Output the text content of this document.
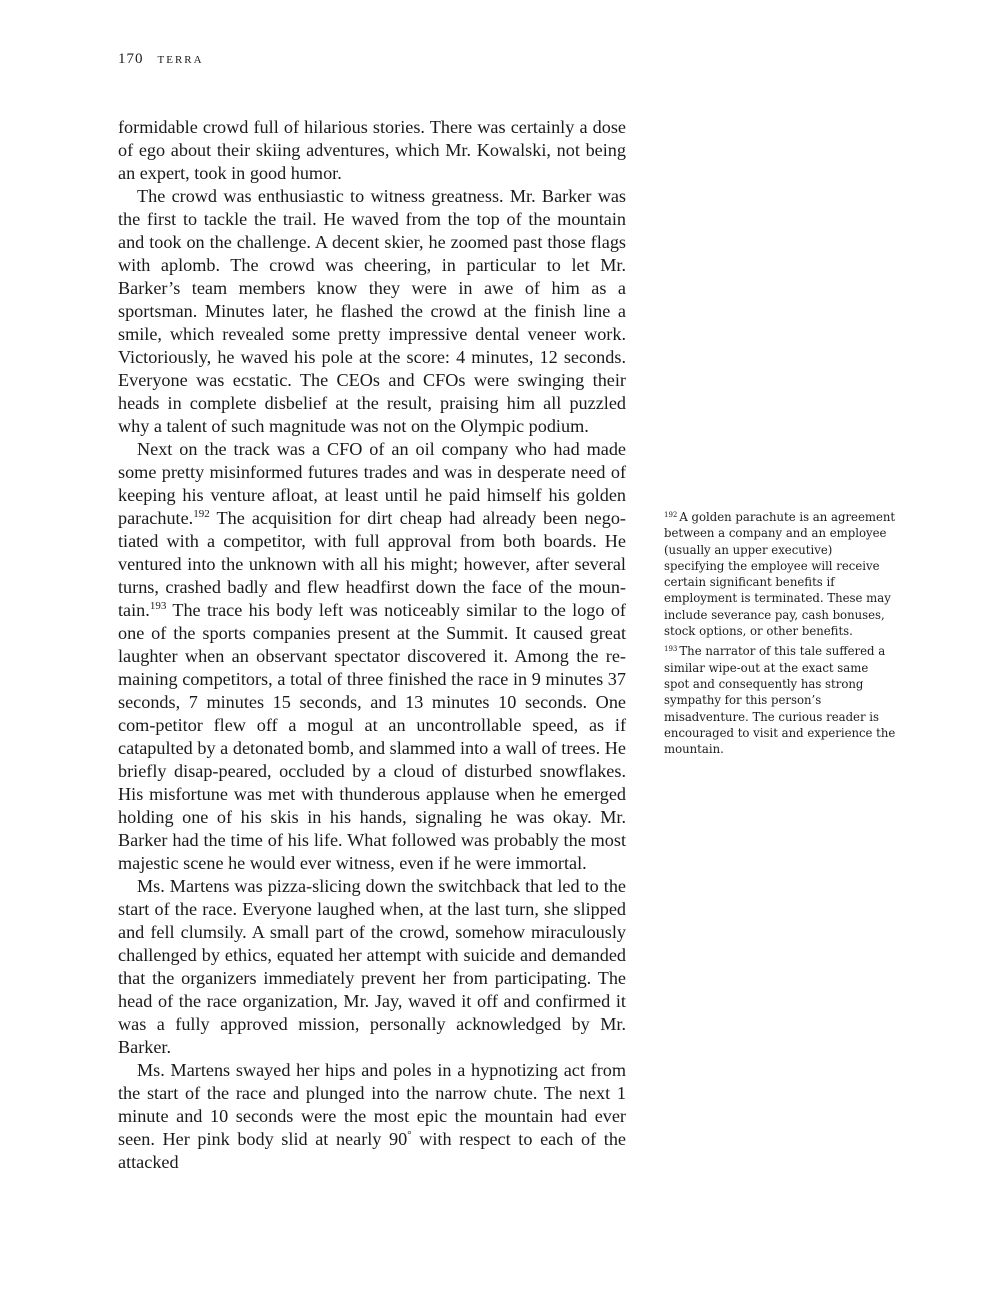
170 terra

formidable crowd full of hilarious stories. There was certainly a dose of ego about their skiing adventures, which Mr. Kowalski, not being an expert, took in good humor.

The crowd was enthusiastic to witness greatness. Mr. Barker was the first to tackle the trail. He waved from the top of the mountain and took on the challenge. A decent skier, he zoomed past those flags with aplomb. The crowd was cheering, in particular to let Mr. Barker’s team members know they were in awe of him as a sportsman. Minutes later, he flashed the crowd at the finish line a smile, which revealed some pretty impressive dental veneer work. Victoriously, he waved his pole at the score: 4 minutes, 12 seconds. Everyone was ecstatic. The CEOs and CFOs were swinging their heads in complete disbelief at the result, praising him all puzzled why a talent of such magnitude was not on the Olympic podium.

Next on the track was a CFO of an oil company who had made some pretty misinformed futures trades and was in desperate need of keeping his venture afloat, at least until he paid himself his golden parachute.$^{192}$ The acquisition for dirt cheap had already been nego-tiated with a competitor, with full approval from both boards. He ventured into the unknown with all his might; however, after several turns, crashed badly and flew headfirst down the face of the moun-tain.$^{193}$ The trace his body left was noticeably similar to the logo of one of the sports companies present at the Summit. It caused great laughter when an observant spectator discovered it. Among the re-maining competitors, a total of three finished the race in 9 minutes 37 seconds, 7 minutes 15 seconds, and 13 minutes 10 seconds. One com-petitor flew off a mogul at an uncontrollable speed, as if catapulted by a detonated bomb, and slammed into a wall of trees. He briefly disap-peared, occluded by a cloud of disturbed snowflakes. His misfortune was met with thunderous applause when he emerged holding one of his skis in his hands, signaling he was okay. Mr. Barker had the time of his life. What followed was probably the most majestic scene he would ever witness, even if he were immortal.

Ms. Martens was pizza-slicing down the switchback that led to the start of the race. Everyone laughed when, at the last turn, she slipped and fell clumsily. A small part of the crowd, somehow miraculously challenged by ethics, equated her attempt with suicide and demanded that the organizers immediately prevent her from participating. The head of the race organization, Mr. Jay, waved it off and confirmed it was a fully approved mission, personally acknowledged by Mr. Barker.

Ms. Martens swayed her hips and poles in a hypnotizing act from the start of the race and plunged into the narrow chute. The next 1 minute and 10 seconds were the most epic the mountain had ever seen. Her pink body slid at nearly 90° with respect to each of the attacked

$^{192}$ A golden parachute is an agreement between a company and an employee (usually an upper executive) specifying the employee will receive certain significant benefits if employment is terminated. These may include severance pay, cash bonuses, stock options, or other benefits.

$^{193}$ The narrator of this tale suffered a similar wipe-out at the exact same spot and consequently has strong sympathy for this person’s misadventure. The curious reader is encouraged to visit and experience the mountain.
